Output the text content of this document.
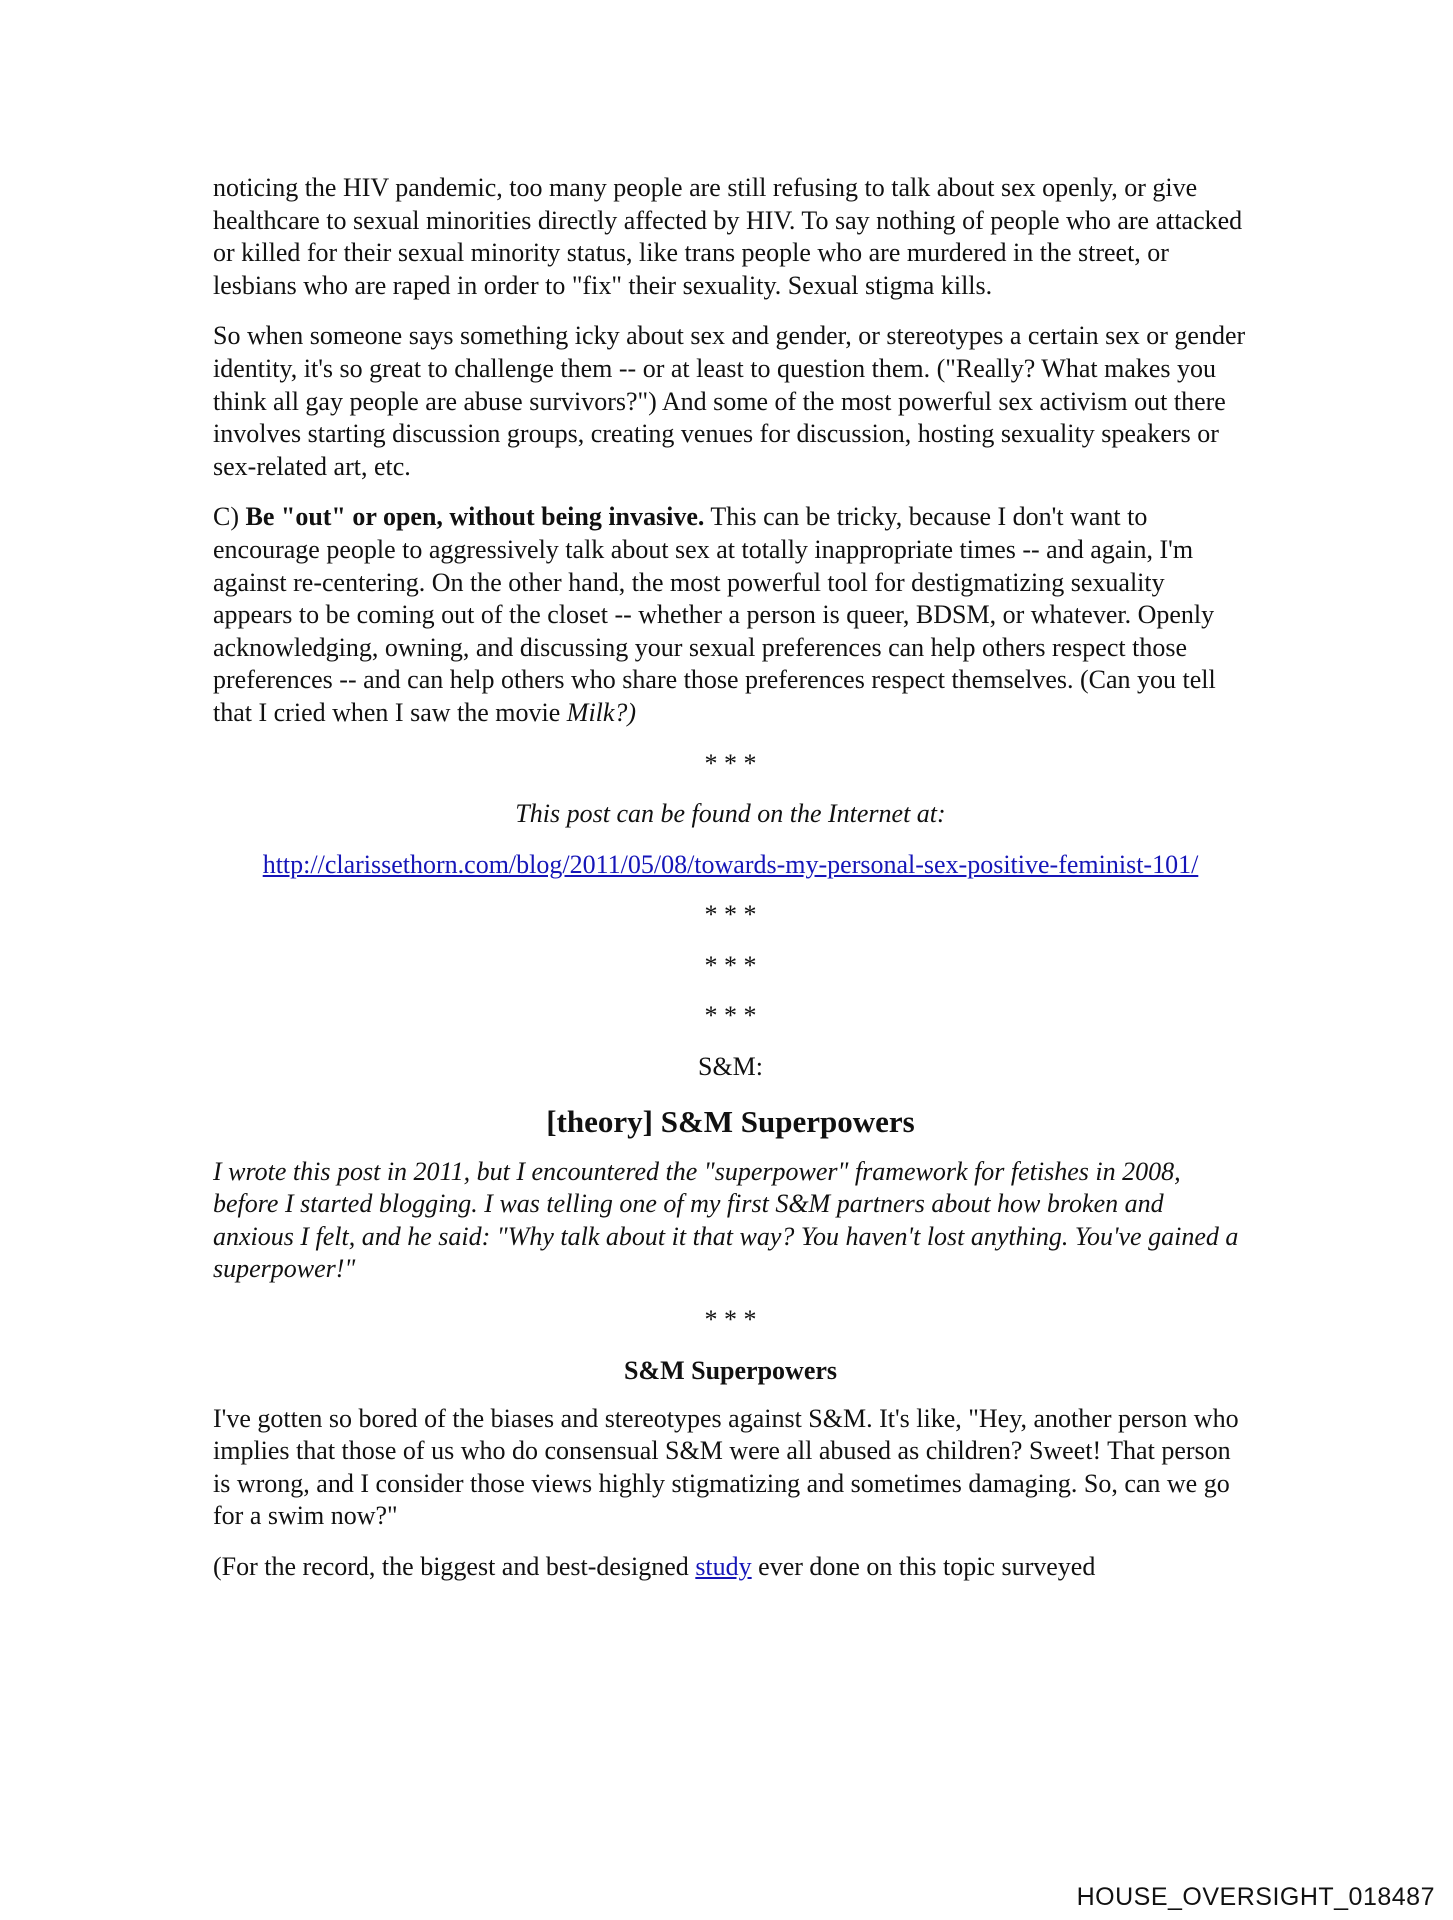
noticing the HIV pandemic, too many people are still refusing to talk about sex openly, or give healthcare to sexual minorities directly affected by HIV. To say nothing of people who are attacked or killed for their sexual minority status, like trans people who are murdered in the street, or lesbians who are raped in order to "fix" their sexuality. Sexual stigma kills.

So when someone says something icky about sex and gender, or stereotypes a certain sex or gender identity, it's so great to challenge them -- or at least to question them. ("Really? What makes you think all gay people are abuse survivors?") And some of the most powerful sex activism out there involves starting discussion groups, creating venues for discussion, hosting sexuality speakers or sex-related art, etc.

C) Be "out" or open, without being invasive. This can be tricky, because I don't want to encourage people to aggressively talk about sex at totally inappropriate times -- and again, I'm against re-centering. On the other hand, the most powerful tool for destigmatizing sexuality appears to be coming out of the closet -- whether a person is queer, BDSM, or whatever. Openly acknowledging, owning, and discussing your sexual preferences can help others respect those preferences -- and can help others who share those preferences respect themselves. (Can you tell that I cried when I saw the movie Milk?)

* * *

This post can be found on the Internet at:

http://clarissethorn.com/blog/2011/05/08/towards-my-personal-sex-positive-feminist-101/

* * *
* * *
* * *

S&M:

[theory] S&M Superpowers

I wrote this post in 2011, but I encountered the "superpower" framework for fetishes in 2008, before I started blogging. I was telling one of my first S&M partners about how broken and anxious I felt, and he said: "Why talk about it that way? You haven't lost anything. You've gained a superpower!"

* * *
S&M Superpowers

I've gotten so bored of the biases and stereotypes against S&M. It's like, "Hey, another person who implies that those of us who do consensual S&M were all abused as children? Sweet! That person is wrong, and I consider those views highly stigmatizing and sometimes damaging. So, can we go for a swim now?"

(For the record, the biggest and best-designed study ever done on this topic surveyed

HOUSE_OVERSIGHT_018487
